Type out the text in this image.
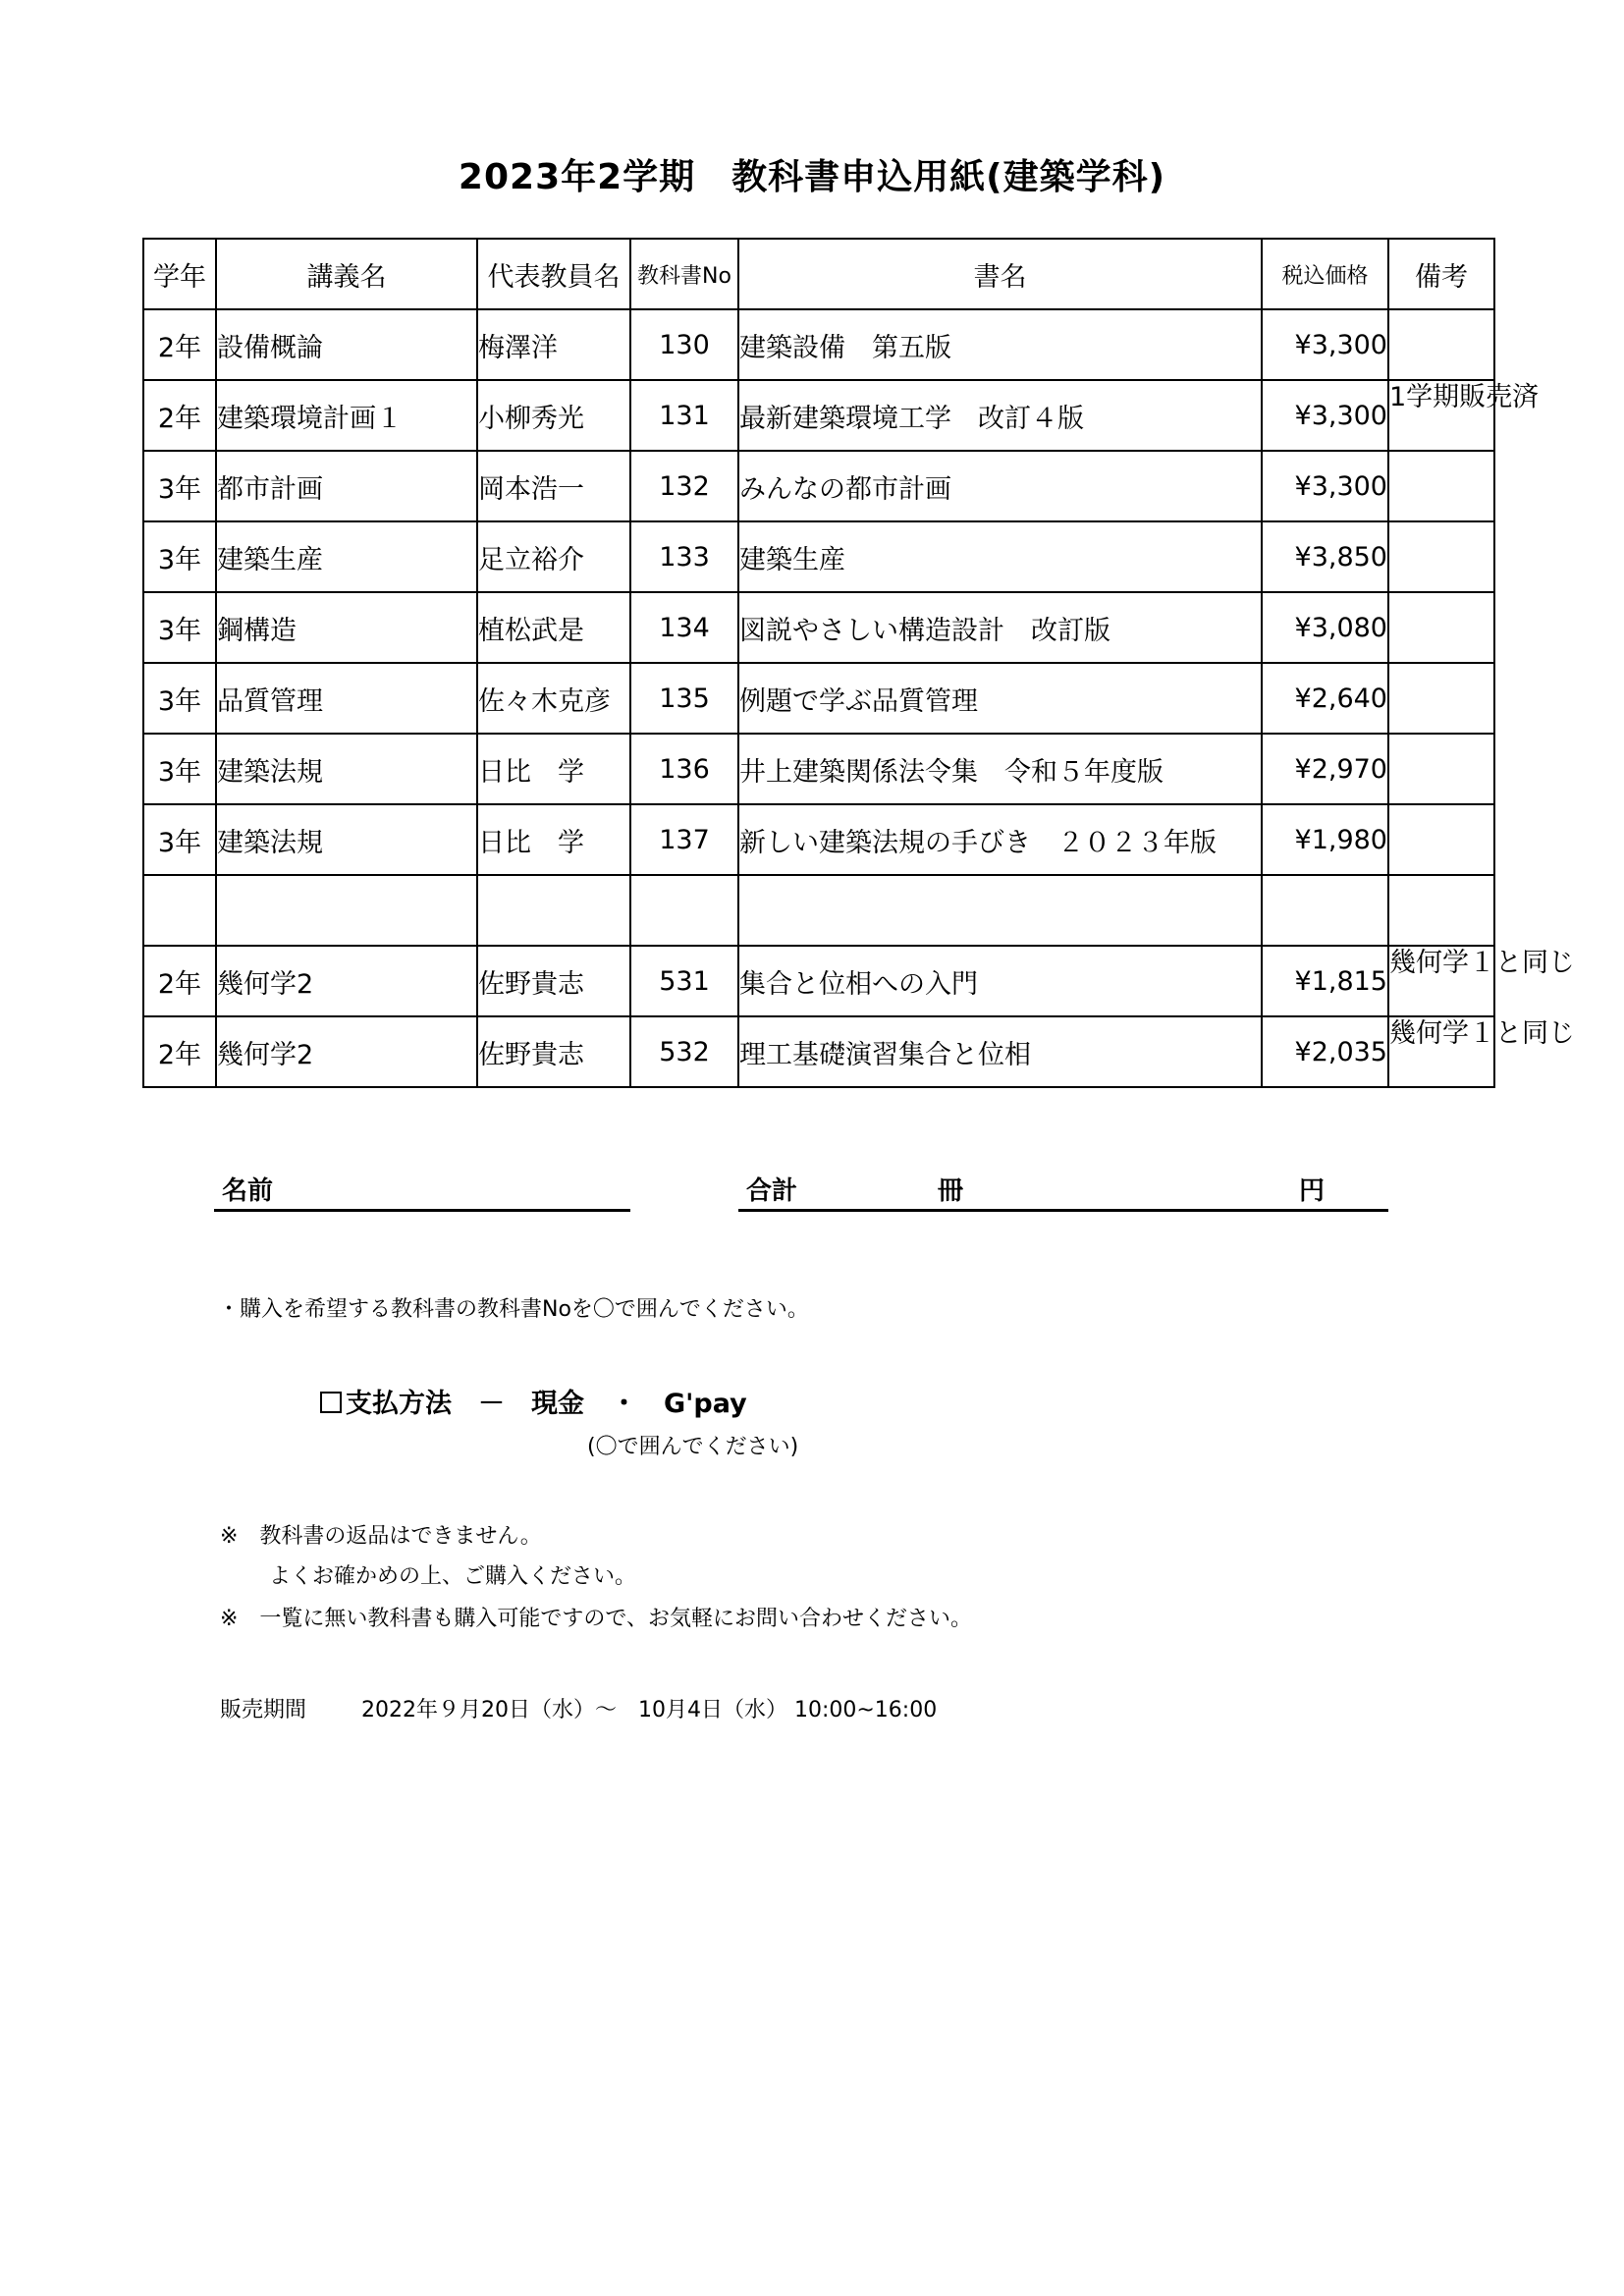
2023年2学期　教科書申込用紙(建築学科)
学年	講義名	代表教員名	教科書No	書名	税込価格	備考
2年	設備概論	梅澤洋	130	建築設備　第五版	¥3,300	
2年	建築環境計画１	小柳秀光	131	最新建築環境工学　改訂４版	¥3,300	1学期販売済
3年	都市計画	岡本浩一	132	みんなの都市計画	¥3,300	
3年	建築生産	足立裕介	133	建築生産	¥3,850	
3年	鋼構造	植松武是	134	図説やさしい構造設計　改訂版	¥3,080	
3年	品質管理	佐々木克彦	135	例題で学ぶ品質管理	¥2,640	
3年	建築法規	日比　学	136	井上建築関係法令集　令和５年度版	¥2,970	
3年	建築法規	日比　学	137	新しい建築法規の手びき　２０２３年版	¥1,980	

2年	幾何学2	佐野貴志	531	集合と位相への入門	¥1,815	幾何学１と同じ
2年	幾何学2	佐野貴志	532	理工基礎演習集合と位相	¥2,035	幾何学１と同じ
名前	合計	冊	円
・購入を希望する教科書の教科書Noを〇で囲んでください。
支払方法　－　現金　・　G'pay
(〇で囲んでください)
※　教科書の返品はできません。
よくお確かめの上、ご購入ください。
※　一覧に無い教科書も購入可能ですので、お気軽にお問い合わせください。
販売期間	2022年９月20日（水）～　10月4日（水） 10:00~16:00
